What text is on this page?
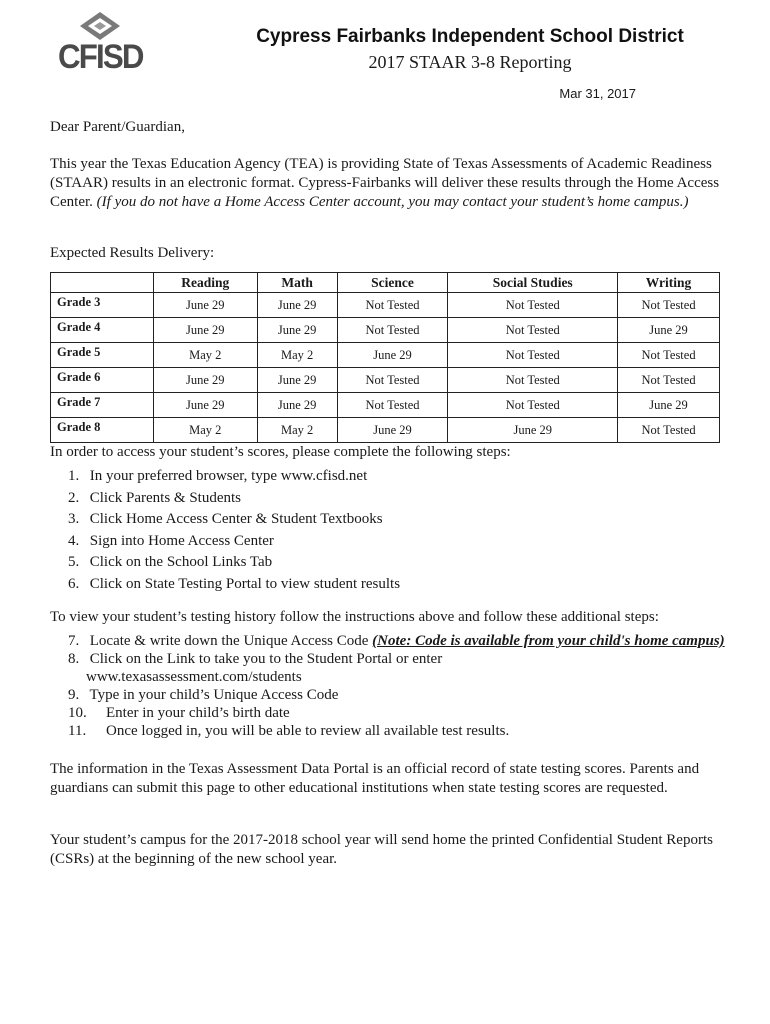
CFISD
Cypress Fairbanks Independent School District
2017 STAAR 3-8 Reporting
Mar 31, 2017

Dear Parent/Guardian,

This year the Texas Education Agency (TEA) is providing State of Texas Assessments of Academic Readiness (STAAR) results in an electronic format. Cypress-Fairbanks will deliver these results through the Home Access Center. (If you do not have a Home Access Center account, you may contact your student’s home campus.)

Expected Results Delivery:

	Reading	Math	Science	Social Studies	Writing
Grade 3	June 29	June 29	Not Tested	Not Tested	Not Tested
Grade 4	June 29	June 29	Not Tested	Not Tested	June 29
Grade 5	May 2	May 2	June 29	Not Tested	Not Tested
Grade 6	June 29	June 29	Not Tested	Not Tested	Not Tested
Grade 7	June 29	June 29	Not Tested	Not Tested	June 29
Grade 8	May 2	May 2	June 29	June 29	Not Tested

In order to access your student’s scores, please complete the following steps:

1. In your preferred browser, type www.cfisd.net
2. Click Parents & Students
3. Click Home Access Center & Student Textbooks
4. Sign into Home Access Center
5. Click on the School Links Tab
6. Click on State Testing Portal to view student results

To view your student’s testing history follow the instructions above and follow these additional steps:

7. Locate & write down the Unique Access Code (Note: Code is available from your child's home campus)
8. Click on the Link to take you to the Student Portal or enter
www.texasassessment.com/students
9. Type in your child’s Unique Access Code
10. Enter in your child’s birth date
11. Once logged in, you will be able to review all available test results.

The information in the Texas Assessment Data Portal is an official record of state testing scores. Parents and guardians can submit this page to other educational institutions when state testing scores are requested.

Your student’s campus for the 2017-2018 school year will send home the printed Confidential Student Reports (CSRs) at the beginning of the new school year.
